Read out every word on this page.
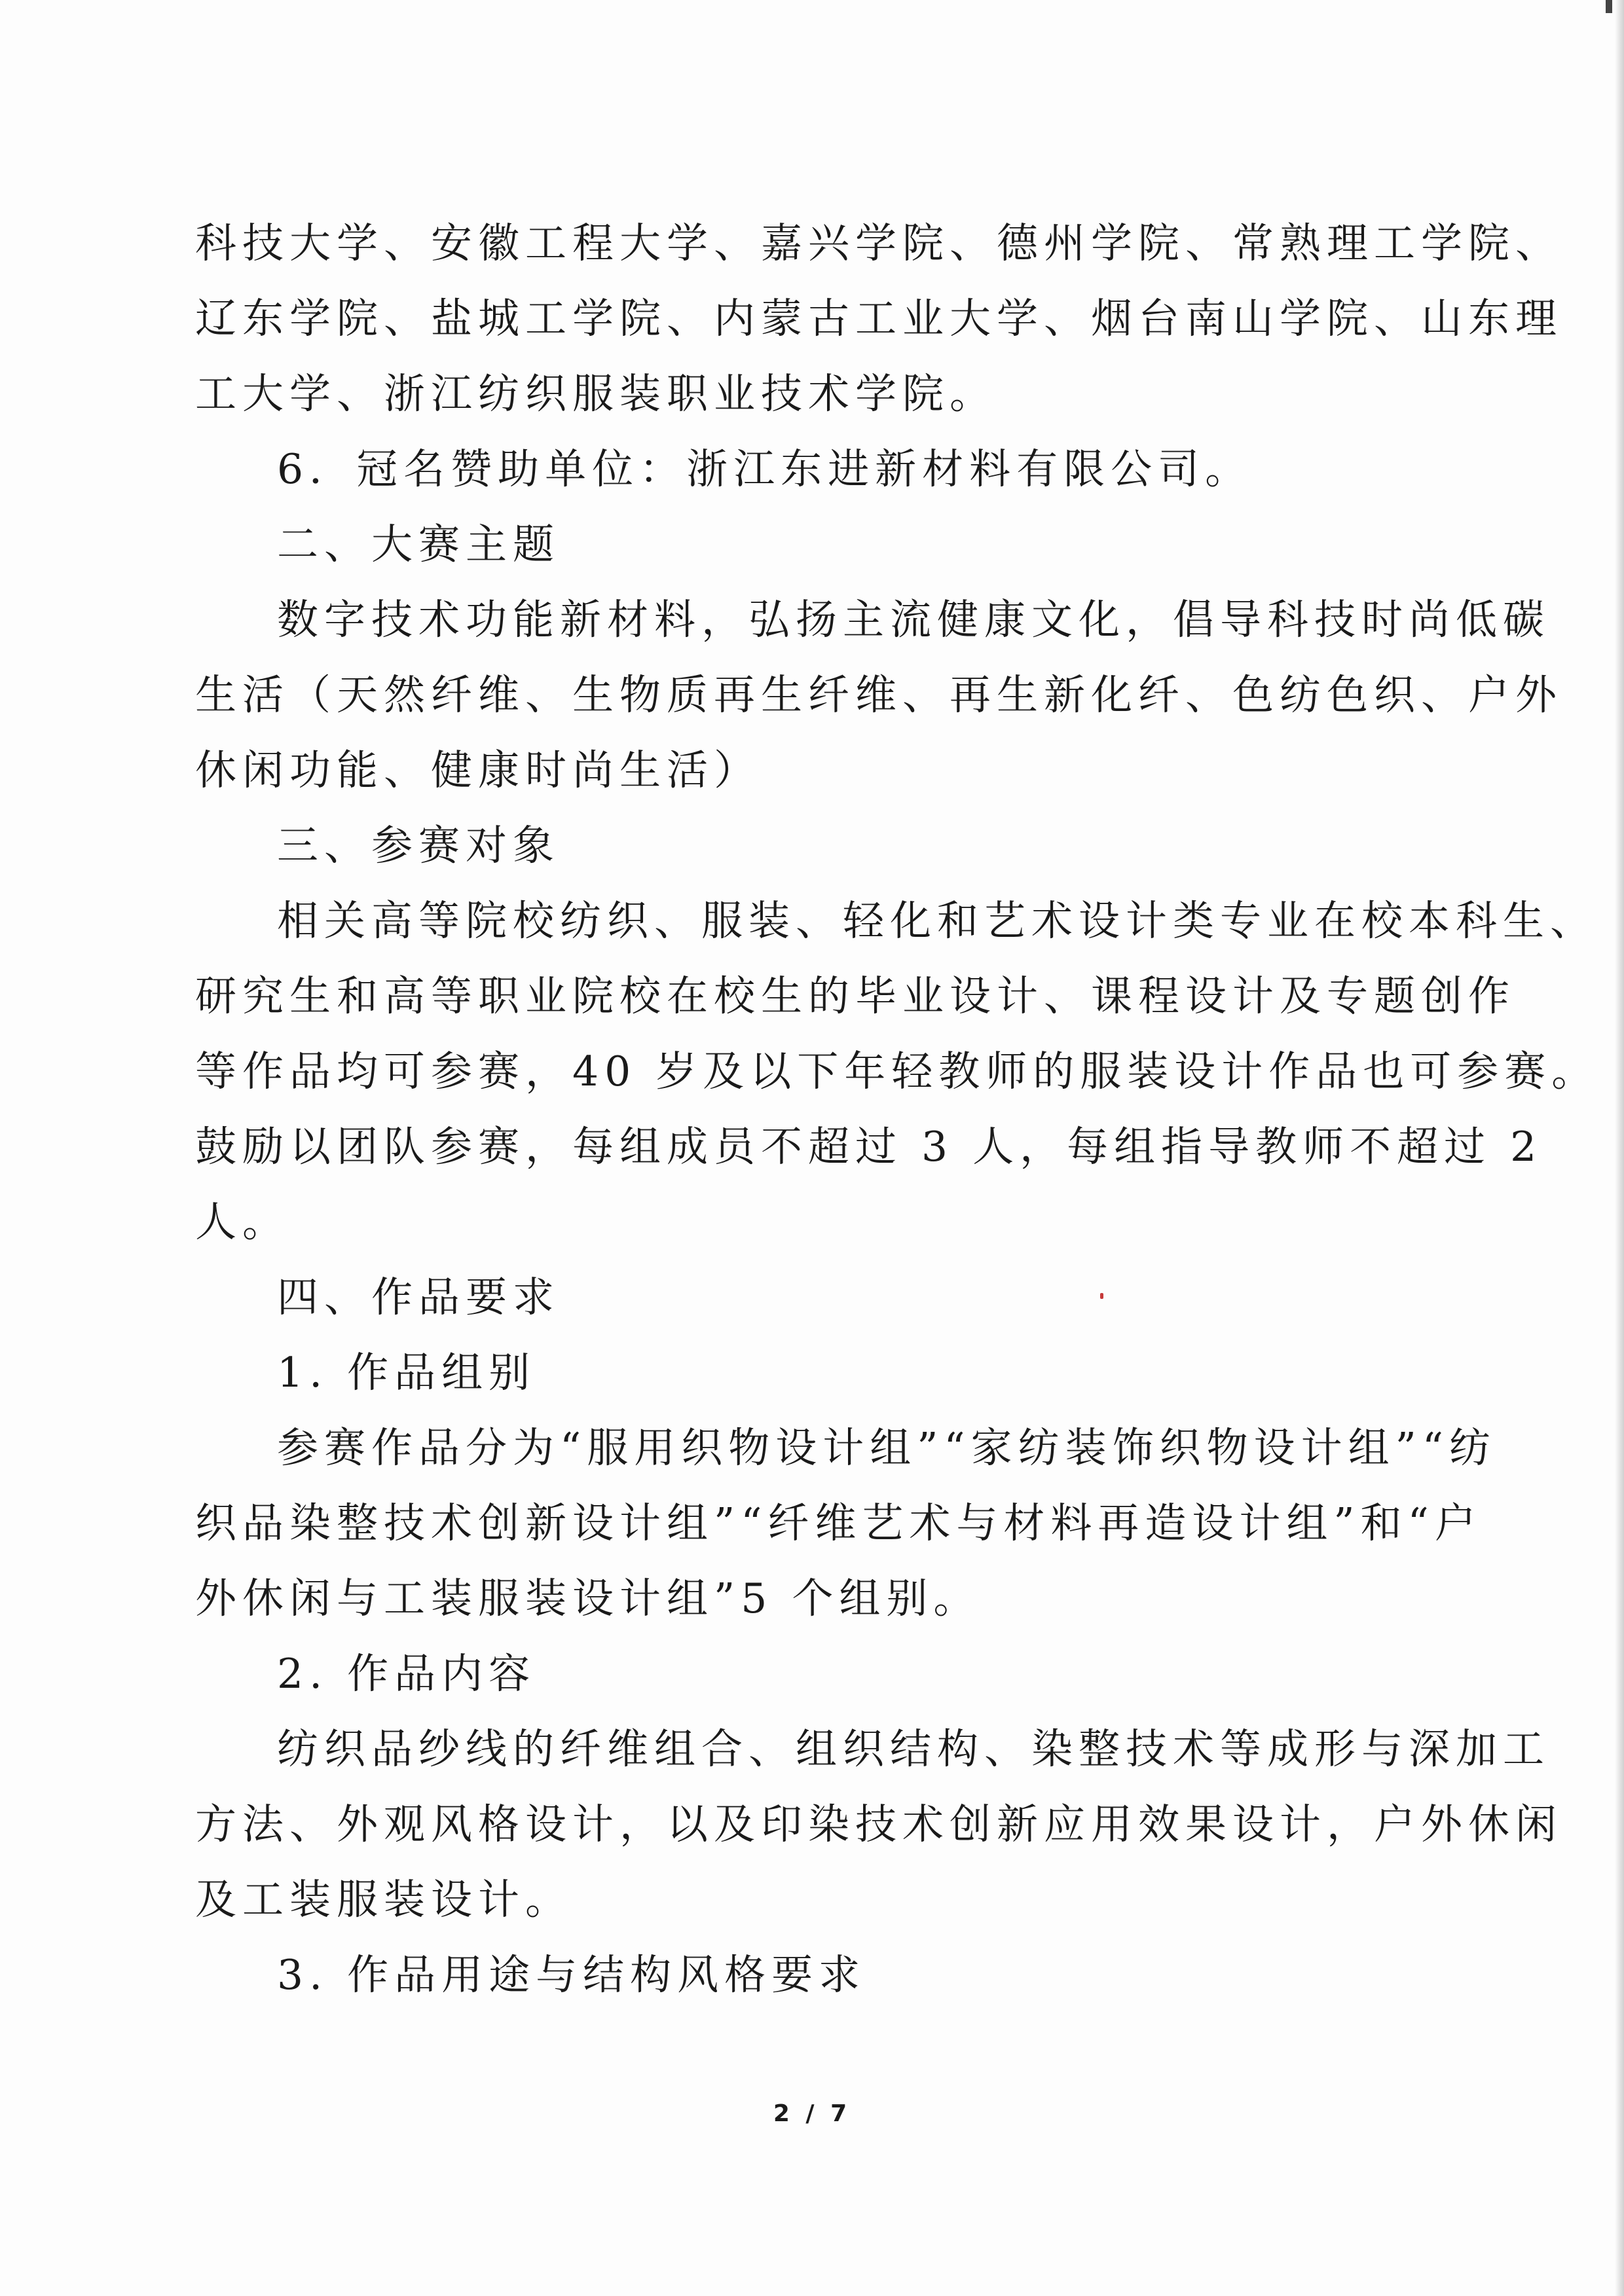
科技大学、安徽工程大学、嘉兴学院、德州学院、常熟理工学院、
辽东学院、盐城工学院、内蒙古工业大学、烟台南山学院、山东理
工大学、浙江纺织服装职业技术学院。
6．冠名赞助单位：浙江东进新材料有限公司。
二、大赛主题
数字技术功能新材料，弘扬主流健康文化，倡导科技时尚低碳
生活（天然纤维、生物质再生纤维、再生新化纤、色纺色织、户外
休闲功能、健康时尚生活）
三、参赛对象
相关高等院校纺织、服装、轻化和艺术设计类专业在校本科生、
研究生和高等职业院校在校生的毕业设计、课程设计及专题创作
等作品均可参赛，40 岁及以下年轻教师的服装设计作品也可参赛。
鼓励以团队参赛，每组成员不超过 3 人，每组指导教师不超过 2
人。
四、作品要求
1. 作品组别
参赛作品分为“服用织物设计组”“家纺装饰织物设计组”“纺
织品染整技术创新设计组”“纤维艺术与材料再造设计组”和“户
外休闲与工装服装设计组”5 个组别。
2. 作品内容
纺织品纱线的纤维组合、组织结构、染整技术等成形与深加工
方法、外观风格设计，以及印染技术创新应用效果设计，户外休闲
及工装服装设计。
3. 作品用途与结构风格要求
2 / 7
